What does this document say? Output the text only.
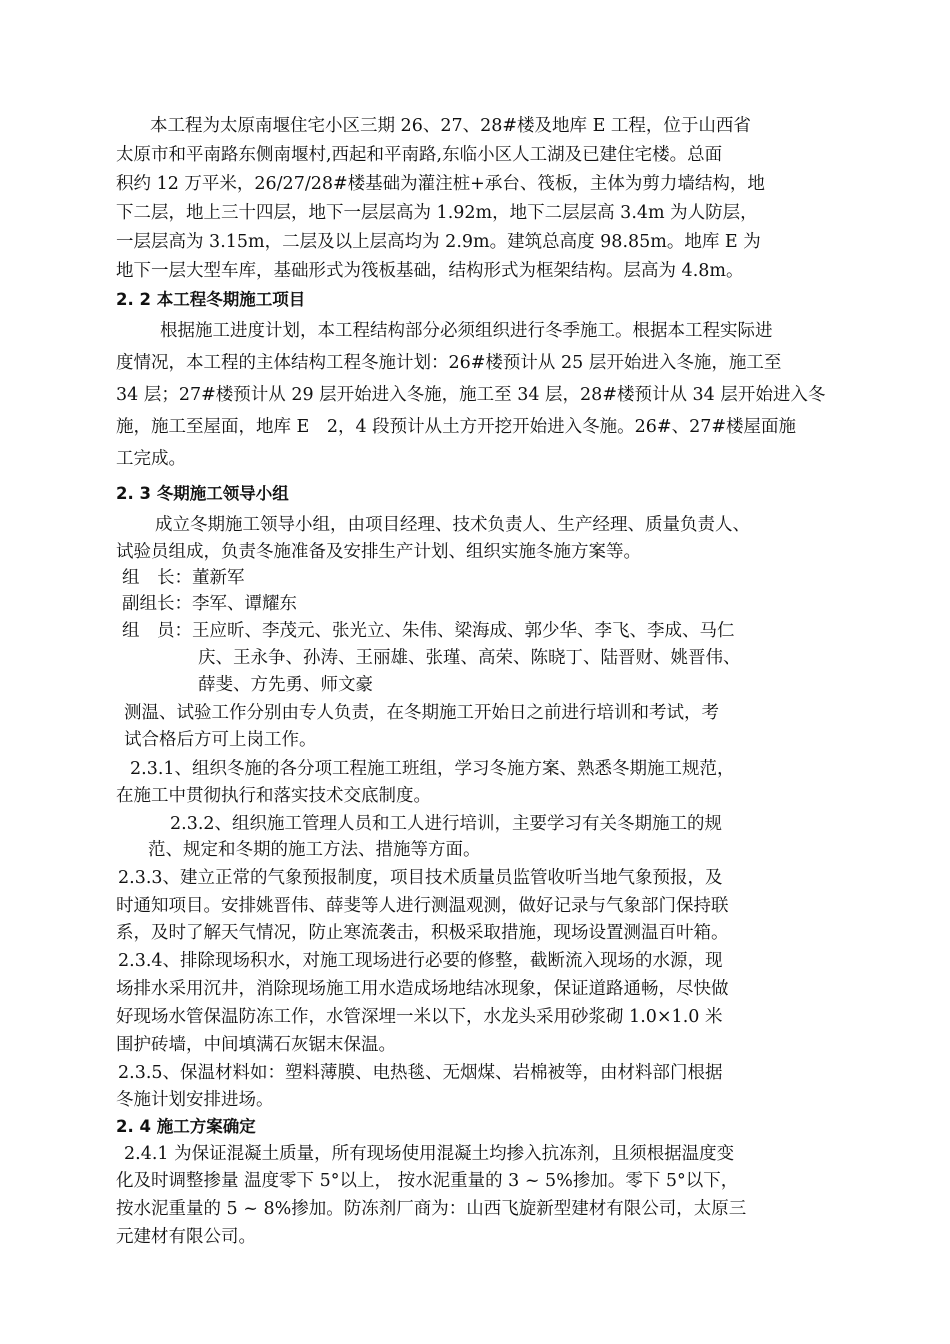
本工程为太原南堰住宅小区三期 26、27、28#楼及地库 E 工程，位于山西省
太原市和平南路东侧南堰村,西起和平南路,东临小区人工湖及已建住宅楼。总面
积约 12 万平米，26/27/28#楼基础为灌注桩+承台、筏板，主体为剪力墙结构，地
下二层，地上三十四层，地下一层层高为 1.92m，地下二层层高 3.4m 为人防层，
一层层高为 3.15m，二层及以上层高均为 2.9m。建筑总高度 98.85m。地库 E 为
地下一层大型车库，基础形式为筏板基础，结构形式为框架结构。层高为 4.8m。
2. 2 本工程冬期施工项目
根据施工进度计划，本工程结构部分必须组织进行冬季施工。根据本工程实际进
度情况，本工程的主体结构工程冬施计划：26#楼预计从 25 层开始进入冬施，施工至
34 层；27#楼预计从 29 层开始进入冬施，施工至 34 层，28#楼预计从 34 层开始进入冬
施，施工至屋面，地库 E　2，4 段预计从土方开挖开始进入冬施。26#、27#楼屋面施
工完成。
2. 3 冬期施工领导小组
成立冬期施工领导小组，由项目经理、技术负责人、生产经理、质量负责人、
试验员组成，负责冬施准备及安排生产计划、组织实施冬施方案等。
组　长：董新军
副组长：李军、谭耀东
组　员：王应昕、李茂元、张光立、朱伟、梁海成、郭少华、李飞、李成、马仁
庆、王永争、孙涛、王丽雄、张瑾、高荣、陈晓丁、陆晋财、姚晋伟、
薛斐、方先勇、师文豪
测温、试验工作分别由专人负责，在冬期施工开始日之前进行培训和考试，考
试合格后方可上岗工作。
2.3.1、组织冬施的各分项工程施工班组，学习冬施方案、熟悉冬期施工规范，
在施工中贯彻执行和落实技术交底制度。
2.3.2、组织施工管理人员和工人进行培训，主要学习有关冬期施工的规
范、规定和冬期的施工方法、措施等方面。
2.3.3、建立正常的气象预报制度，项目技术质量员监管收听当地气象预报，及
时通知项目。安排姚晋伟、薛斐等人进行测温观测，做好记录与气象部门保持联
系，及时了解天气情况，防止寒流袭击，积极采取措施，现场设置测温百叶箱。
2.3.4、排除现场积水，对施工现场进行必要的修整，截断流入现场的水源，现
场排水采用沉井，消除现场施工用水造成场地结冰现象，保证道路通畅，尽快做
好现场水管保温防冻工作，水管深埋一米以下，水龙头采用砂浆砌 1.0×1.0 米
围护砖墙，中间填满石灰锯末保温。
2.3.5、保温材料如：塑料薄膜、电热毯、无烟煤、岩棉被等，由材料部门根据
冬施计划安排进场。
2. 4 施工方案确定
2.4.1 为保证混凝土质量，所有现场使用混凝土均掺入抗冻剂，且须根据温度变
化及时调整掺量 温度零下 5°以上， 按水泥重量的 3 ~ 5%掺加。零下 5°以下，
按水泥重量的 5 ~ 8%掺加。防冻剂厂商为：山西飞旋新型建材有限公司，太原三
元建材有限公司。
